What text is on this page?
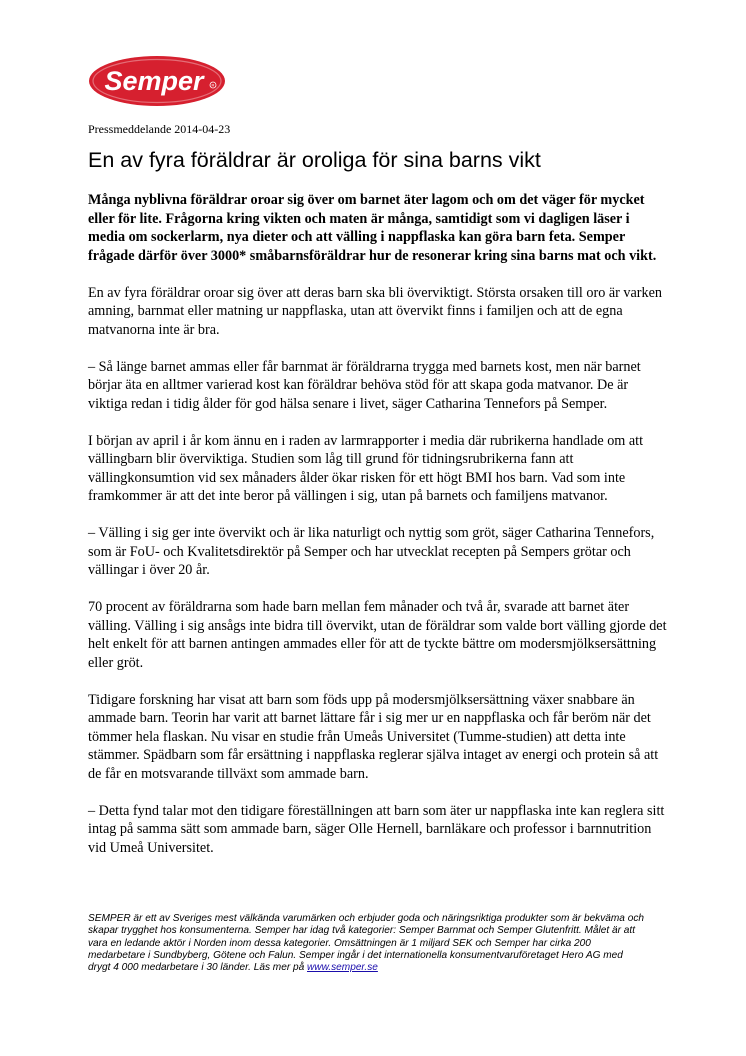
Semper	R
Pressmeddelande 2014-04-23
En av fyra föräldrar är oroliga för sina barns vikt

Många nyblivna föräldrar oroar sig över om barnet äter lagom och om det väger för mycket eller för lite. Frågorna kring vikten och maten är många, samtidigt som vi dagligen läser i media om sockerlarm, nya dieter och att välling i nappflaska kan göra barn feta. Semper frågade därför över 3000* småbarnsföräldrar hur de resonerar kring sina barns mat och vikt.

En av fyra föräldrar oroar sig över att deras barn ska bli överviktigt. Största orsaken till oro är varken amning, barnmat eller matning ur nappflaska, utan att övervikt finns i familjen och att de egna matvanorna inte är bra.

– Så länge barnet ammas eller får barnmat är föräldrarna trygga med barnets kost, men när barnet börjar äta en alltmer varierad kost kan föräldrar behöva stöd för att skapa goda matvanor. De är viktiga redan i tidig ålder för god hälsa senare i livet, säger Catharina Tennefors på Semper.

I början av april i år kom ännu en i raden av larmrapporter i media där rubrikerna handlade om att vällingbarn blir överviktiga. Studien som låg till grund för tidningsrubrikerna fann att vällingkonsumtion vid sex månaders ålder ökar risken för ett högt BMI hos barn. Vad som inte framkommer är att det inte beror på vällingen i sig, utan på barnets och familjens matvanor.

– Välling i sig ger inte övervikt och är lika naturligt och nyttig som gröt, säger Catharina Tennefors, som är FoU- och Kvalitetsdirektör på Semper och har utvecklat recepten på Sempers grötar och vällingar i över 20 år.

70 procent av föräldrarna som hade barn mellan fem månader och två år, svarade att barnet äter välling. Välling i sig ansågs inte bidra till övervikt, utan de föräldrar som valde bort välling gjorde det helt enkelt för att barnen antingen ammades eller för att de tyckte bättre om modersmjölksersättning eller gröt.

Tidigare forskning har visat att barn som föds upp på modersmjölksersättning växer snabbare än ammade barn. Teorin har varit att barnet lättare får i sig mer ur en nappflaska och får beröm när det tömmer hela flaskan. Nu visar en studie från Umeås Universitet (Tumme-studien) att detta inte stämmer. Spädbarn som får ersättning i nappflaska reglerar själva intaget av energi och protein så att de får en motsvarande tillväxt som ammade barn.

– Detta fynd talar mot den tidigare föreställningen att barn som äter ur nappflaska inte kan reglera sitt intag på samma sätt som ammade barn, säger Olle Hernell, barnläkare och professor i barnnutrition vid Umeå Universitet.

SEMPER är ett av Sveriges mest välkända varumärken och erbjuder goda och näringsriktiga produkter som är bekväma och skapar trygghet hos konsumenterna. Semper har idag två kategorier: Semper Barnmat och Semper Glutenfritt. Målet är att vara en ledande aktör i Norden inom dessa kategorier. Omsättningen är 1 miljard SEK och Semper har cirka 200 medarbetare i Sundbyberg, Götene och Falun. Semper ingår i det internationella konsumentvaruföretaget Hero AG med drygt 4 000 medarbetare i 30 länder. Läs mer på www.semper.se
